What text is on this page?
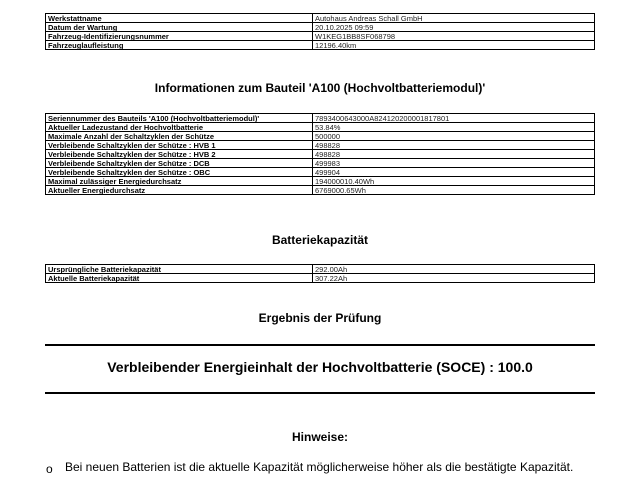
Werkstattname	Autohaus Andreas Schall GmbH
Datum der Wartung	20.10.2025 09:59
Fahrzeug-Identifizierungsnummer	W1KEG1BB8SF068798
Fahrzeuglaufleistung	12196.40km
Informationen zum Bauteil 'A100 (Hochvoltbatteriemodul)'
Seriennummer des Bauteils 'A100 (Hochvoltbatteriemodul)'	7893400643000A824120200001817801
Aktueller Ladezustand der Hochvoltbatterie	53.84%
Maximale Anzahl der Schaltzyklen der Schütze	500000
Verbleibende Schaltzyklen der Schütze : HVB 1	498828
Verbleibende Schaltzyklen der Schütze : HVB 2	498828
Verbleibende Schaltzyklen der Schütze : DCB	499983
Verbleibende Schaltzyklen der Schütze : OBC	499904
Maximal zulässiger Energiedurchsatz	194000010.40Wh
Aktueller Energiedurchsatz	6769000.65Wh
Batteriekapazität
Ursprüngliche Batteriekapazität	292.00Ah
Aktuelle Batteriekapazität	307.22Ah
Ergebnis der Prüfung
Verbleibender Energieinhalt der Hochvoltbatterie (SOCE) : 100.0
Hinweise:
o Bei neuen Batterien ist die aktuelle Kapazität möglicherweise höher als die bestätigte Kapazität.
